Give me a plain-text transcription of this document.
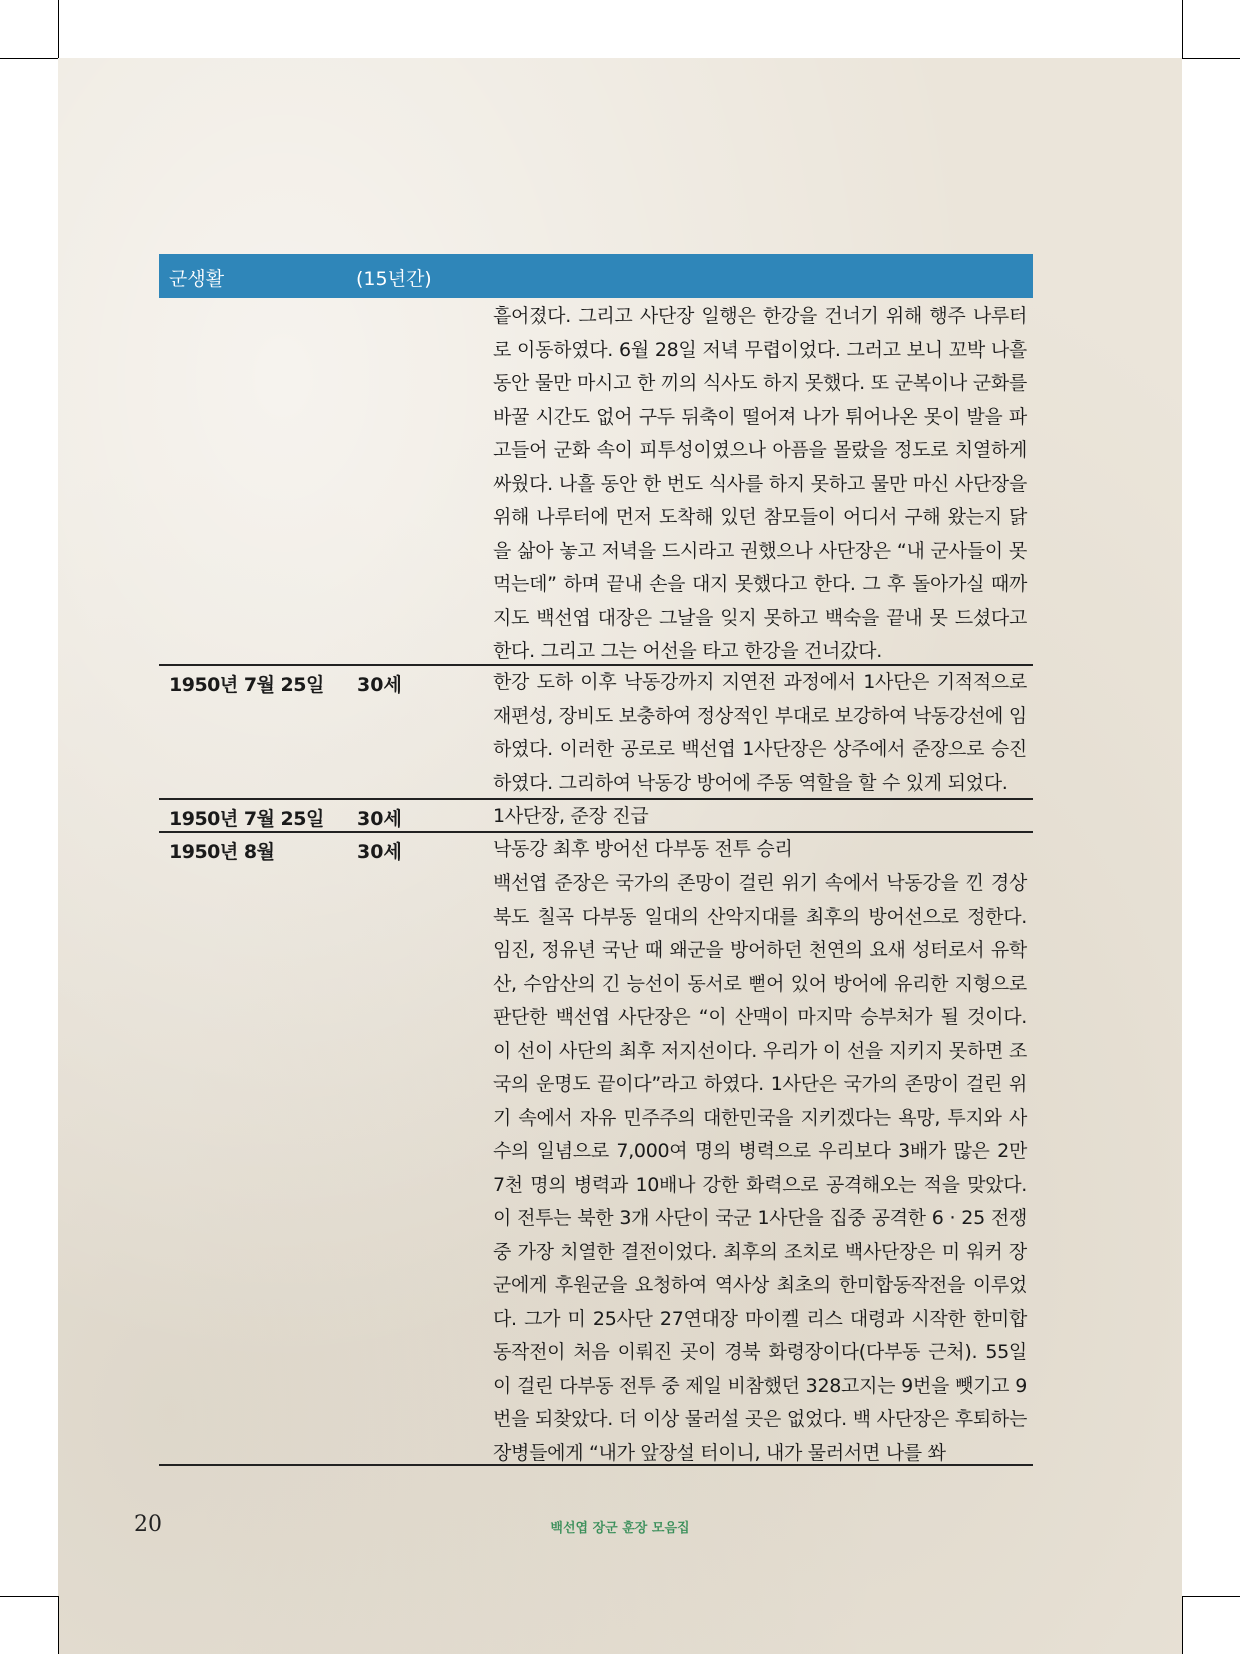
군생활	(15년간)
흩어졌다. 그리고 사단장 일행은 한강을 건너기 위해 행주 나루터로 이동하였다. 6월 28일 저녁 무렵이었다. 그러고 보니 꼬박 나흘 동안 물만 마시고 한 끼의 식사도 하지 못했다. 또 군복이나 군화를 바꿀 시간도 없어 구두 뒤축이 떨어져 나가 튀어나온 못이 발을 파고들어 군화 속이 피투성이였으나 아픔을 몰랐을 정도로 치열하게 싸웠다. 나흘 동안 한 번도 식사를 하지 못하고 물만 마신 사단장을 위해 나루터에 먼저 도착해 있던 참모들이 어디서 구해 왔는지 닭을 삶아 놓고 저녁을 드시라고 권했으나 사단장은 “내 군사들이 못 먹는데” 하며 끝내 손을 대지 못했다고 한다. 그 후 돌아가실 때까지도 백선엽 대장은 그날을 잊지 못하고 백숙을 끝내 못 드셨다고 한다. 그리고 그는 어선을 타고 한강을 건너갔다.
1950년 7월 25일 30세	한강 도하 이후 낙동강까지 지연전 과정에서 1사단은 기적적으로 재편성, 장비도 보충하여 정상적인 부대로 보강하여 낙동강선에 임하였다. 이러한 공로로 백선엽 1사단장은 상주에서 준장으로 승진하였다. 그리하여 낙동강 방어에 주동 역할을 할 수 있게 되었다.
1950년 7월 25일 30세	1사단장, 준장 진급
1950년 8월	30세	낙동강 최후 방어선 다부동 전투 승리
백선엽 준장은 국가의 존망이 걸린 위기 속에서 낙동강을 낀 경상북도 칠곡 다부동 일대의 산악지대를 최후의 방어선으로 정한다. 임진, 정유년 국난 때 왜군을 방어하던 천연의 요새 성터로서 유학산, 수암산의 긴 능선이 동서로 뻗어 있어 방어에 유리한 지형으로 판단한 백선엽 사단장은 “이 산맥이 마지막 승부처가 될 것이다. 이 선이 사단의 최후 저지선이다. 우리가 이 선을 지키지 못하면 조국의 운명도 끝이다”라고 하였다. 1사단은 국가의 존망이 걸린 위기 속에서 자유 민주주의 대한민국을 지키겠다는 욕망, 투지와 사수의 일념으로 7,000여 명의 병력으로 우리보다 3배가 많은 2만 7천 명의 병력과 10배나 강한 화력으로 공격해오는 적을 맞았다. 이 전투는 북한 3개 사단이 국군 1사단을 집중 공격한 6 · 25 전쟁 중 가장 치열한 결전이었다. 최후의 조치로 백사단장은 미 워커 장군에게 후원군을 요청하여 역사상 최초의 한미합동작전을 이루었다. 그가 미 25사단 27연대장 마이켈 리스 대령과 시작한 한미합동작전이 처음 이뤄진 곳이 경북 화령장이다(다부동 근처). 55일이 걸린 다부동 전투 중 제일 비참했던 328고지는 9번을 뺏기고 9번을 되찾았다. 더 이상 물러설 곳은 없었다. 백 사단장은 후퇴하는 장병들에게 “내가 앞장설 터이니, 내가 물러서면 나를 쏴
20	백선엽 장군 훈장 모음집
